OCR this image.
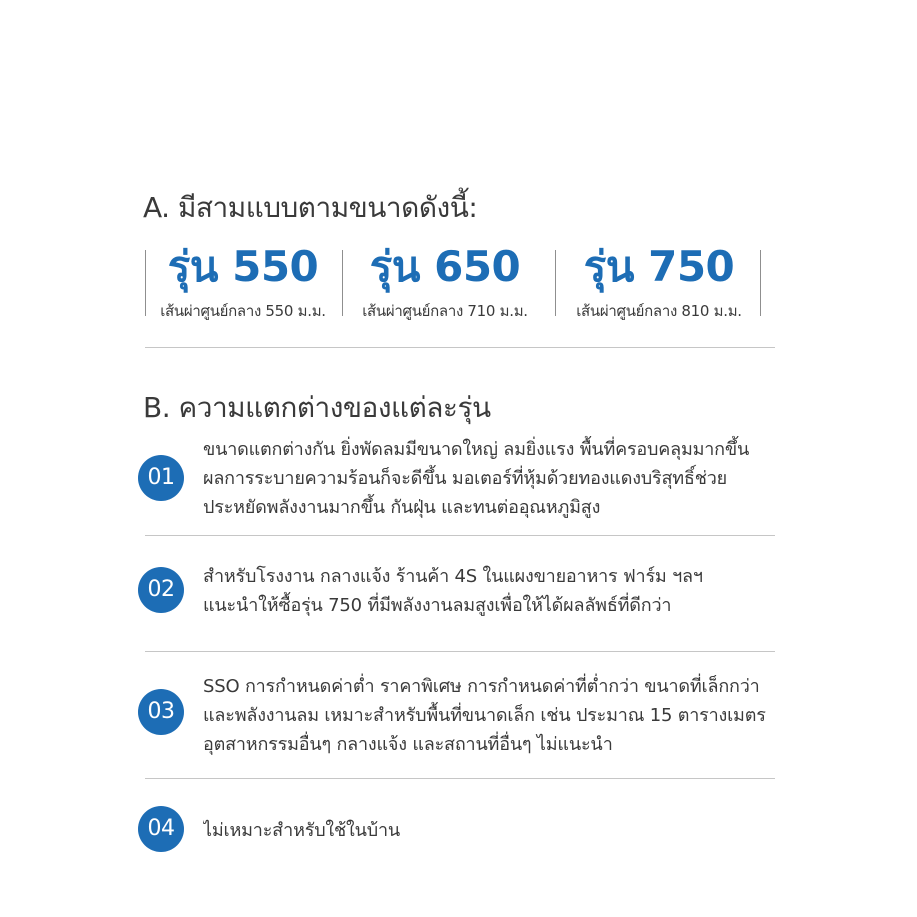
A. มีสามแบบตามขนาดดังนี้:
รุ่น 550
เส้นผ่าศูนย์กลาง 550 ม.ม.
รุ่น 650
เส้นผ่าศูนย์กลาง 710 ม.ม.
รุ่น 750
เส้นผ่าศูนย์กลาง 810 ม.ม.
B. ความแตกต่างของแต่ละรุ่น
01
ขนาดแตกต่างกัน ยิ่งพัดลมมีขนาดใหญ่ ลมยิ่งแรง พื้นที่ครอบคลุมมากขึ้น
ผลการระบายความร้อนก็จะดีขึ้น มอเตอร์ที่หุ้มด้วยทองแดงบริสุทธิ์ช่วย
ประหยัดพลังงานมากขึ้น กันฝุ่น และทนต่ออุณหภูมิสูง
02
สำหรับโรงงาน กลางแจ้ง ร้านค้า 4S ในแผงขายอาหาร ฟาร์ม ฯลฯ
แนะนำให้ซื้อรุ่น 750 ที่มีพลังงานลมสูงเพื่อให้ได้ผลลัพธ์ที่ดีกว่า
03
SSO การกำหนดค่าต่ำ ราคาพิเศษ การกำหนดค่าที่ต่ำกว่า ขนาดที่เล็กกว่า
และพลังงานลม เหมาะสำหรับพื้นที่ขนาดเล็ก เช่น ประมาณ 15 ตารางเมตร
อุตสาหกรรมอื่นๆ กลางแจ้ง และสถานที่อื่นๆ ไม่แนะนำ
04	ไม่เหมาะสำหรับใช้ในบ้าน
